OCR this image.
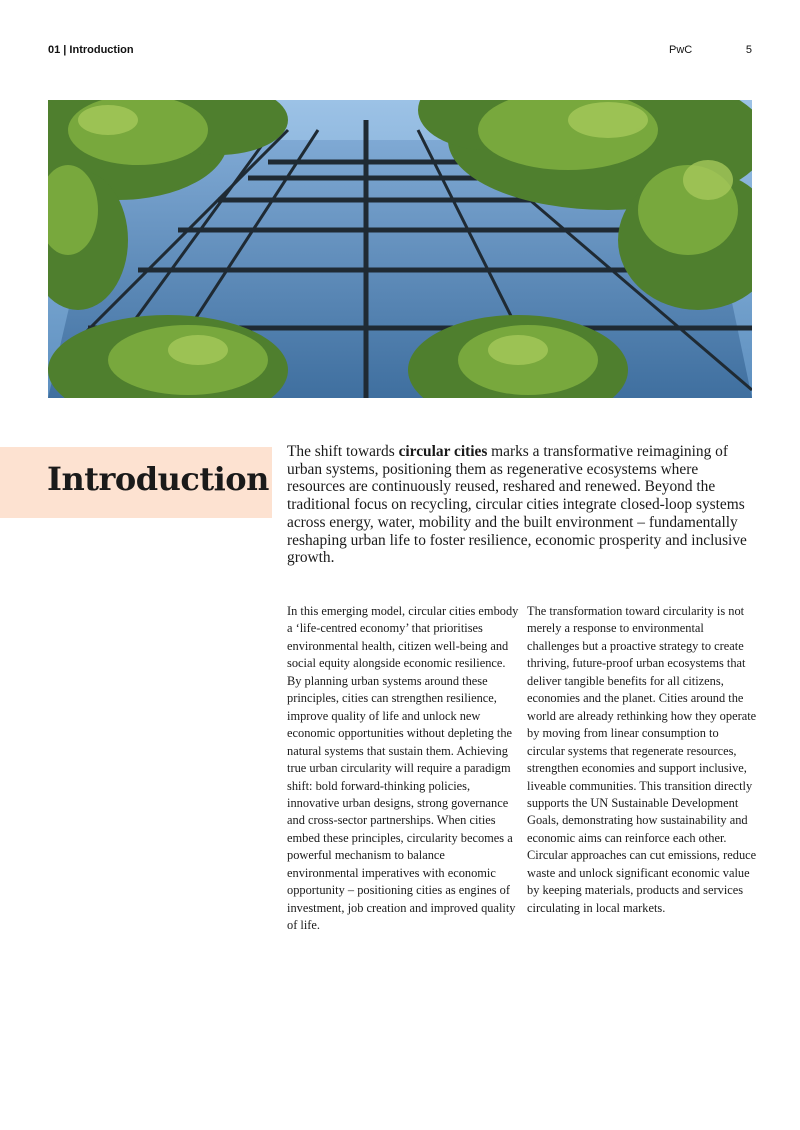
01 | Introduction	PwC	5
Introduction

The shift towards circular cities marks a transformative reimagining of urban systems, positioning them as regenerative ecosystems where resources are continuously reused, reshared and renewed. Beyond the traditional focus on recycling, circular cities integrate closed-loop systems across energy, water, mobility and the built environment – fundamentally reshaping urban life to foster resilience, economic prosperity and inclusive growth.

In this emerging model, circular cities embody a ‘life-centred economy’ that prioritises environmental health, citizen well-being and social equity alongside economic resilience. By planning urban systems around these principles, cities can strengthen resilience, improve quality of life and unlock new economic opportunities without depleting the natural systems that sustain them. Achieving true urban circularity will require a paradigm shift: bold forward-thinking policies, innovative urban designs, strong governance and cross-sector partnerships. When cities embed these principles, circularity becomes a powerful mechanism to balance environmental imperatives with economic opportunity – positioning cities as engines of investment, job creation and improved quality of life.

The transformation toward circularity is not merely a response to environmental challenges but a proactive strategy to create thriving, future-proof urban ecosystems that deliver tangible benefits for all citizens, economies and the planet. Cities around the world are already rethinking how they operate by moving from linear consumption to circular systems that regenerate resources, strengthen economies and support inclusive, liveable communities. This transition directly supports the UN Sustainable Development Goals, demonstrating how sustainability and economic aims can reinforce each other. Circular approaches can cut emissions, reduce waste and unlock significant economic value by keeping materials, products and services circulating in local markets.
